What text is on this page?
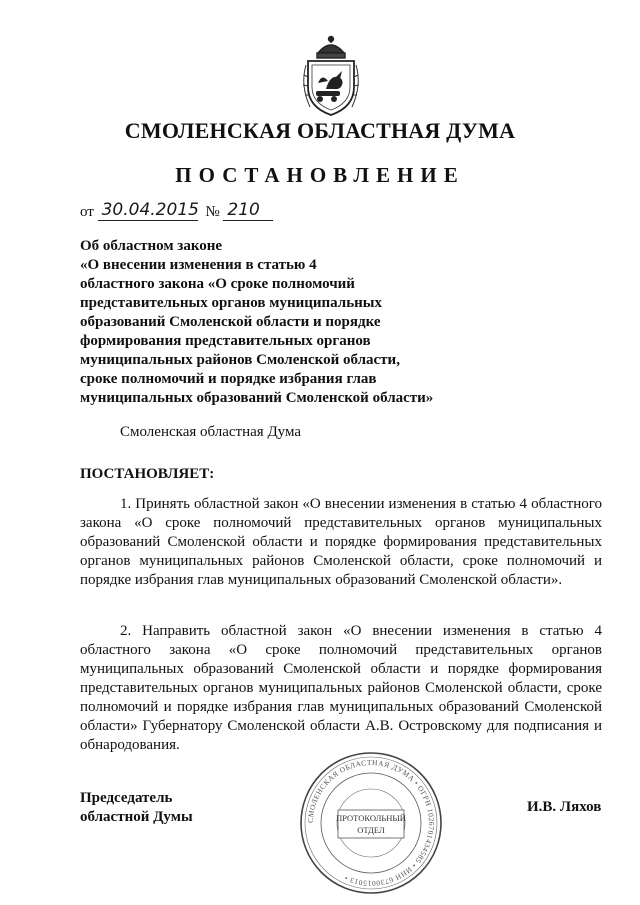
СМОЛЕНСКАЯ ОБЛАСТНАЯ ДУМА
ПОСТАНОВЛЕНИЕ
от 30.04.2015 № 210
Об областном законе
«О внесении изменения в статью 4
областного закона «О сроке полномочий
представительных органов муниципальных
образований Смоленской области и порядке
формирования представительных органов
муниципальных районов Смоленской области,
сроке полномочий и порядке избрания глав
муниципальных образований Смоленской области»
Смоленская областная Дума
ПОСТАНОВЛЯЕТ:
1. Принять областной закон «О внесении изменения в статью 4 областного закона «О сроке полномочий представительных органов муниципальных образований Смоленской области и порядке формирования представительных органов муниципальных районов Смоленской области, сроке полномочий и порядке избрания глав муниципальных образований Смоленской области».
2. Направить областной закон «О внесении изменения в статью 4 областного закона «О сроке полномочий представительных органов муниципальных образований Смоленской области и порядке формирования представительных органов муниципальных районов Смоленской области, сроке полномочий и порядке избрания глав муниципальных образований Смоленской области» Губернатору Смоленской области А.В. Островскому для подписания и обнародования.
Председатель
областной Думы
И.В. Ляхов
СМОЛЕНСКАЯ ОБЛАСТНАЯ ДУМА • ОГРН 1026701434585 • ИНН 6730015013 •
ПРОТОКОЛЬНЫЙ
ОТДЕЛ
